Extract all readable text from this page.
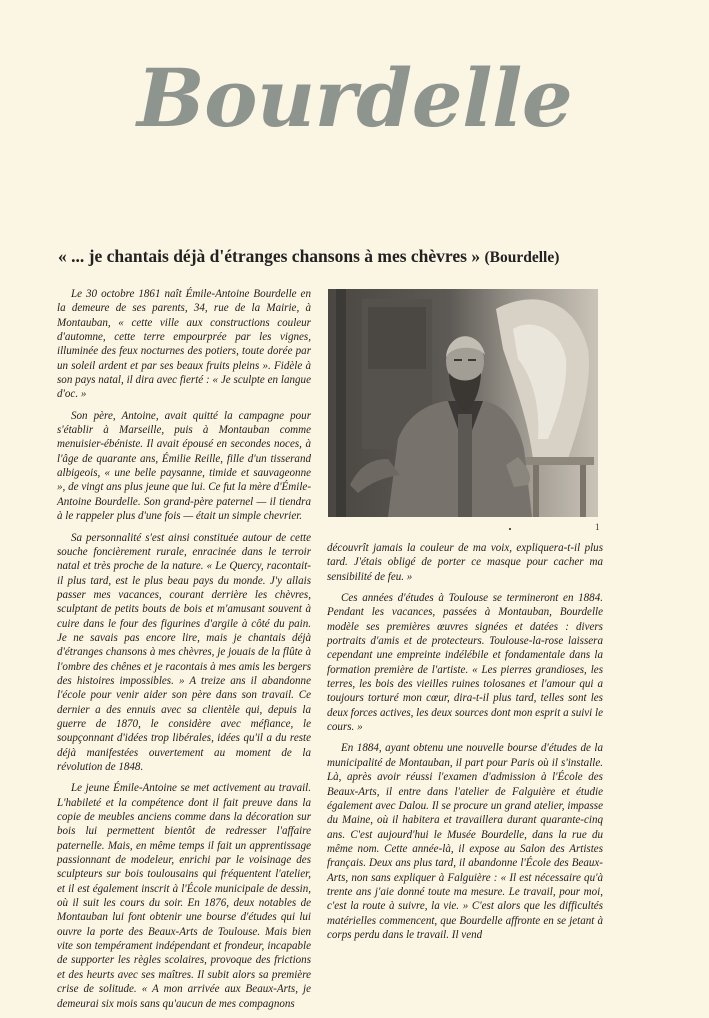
Bourdelle
« ... je chantais déjà d'étranges chansons à mes chèvres » (Bourdelle)

Le 30 octobre 1861 naît Émile-Antoine Bourdelle en la demeure de ses parents, 34, rue de la Mairie, à Montauban, « cette ville aux constructions couleur d'automne, cette terre empourprée par les vignes, illuminée des feux nocturnes des potiers, toute dorée par un soleil ardent et par ses beaux fruits pleins ». Fidèle à son pays natal, il dira avec fierté : « Je sculpte en langue d'oc. »

Son père, Antoine, avait quitté la campagne pour s'établir à Marseille, puis à Montauban comme menuisier-ébéniste. Il avait épousé en secondes noces, à l'âge de quarante ans, Émilie Reille, fille d'un tisserand albigeois, « une belle paysanne, timide et sauvageonne », de vingt ans plus jeune que lui. Ce fut la mère d'Émile-Antoine Bourdelle. Son grand-père paternel — il tiendra à le rappeler plus d'une fois — était un simple chevrier.

Sa personnalité s'est ainsi constituée autour de cette souche foncièrement rurale, enracinée dans le terroir natal et très proche de la nature. « Le Quercy, racontait-il plus tard, est le plus beau pays du monde. J'y allais passer mes vacances, courant derrière les chèvres, sculptant de petits bouts de bois et m'amusant souvent à cuire dans le four des figurines d'argile à côté du pain. Je ne savais pas encore lire, mais je chantais déjà d'étranges chansons à mes chèvres, je jouais de la flûte à l'ombre des chênes et je racontais à mes amis les bergers des histoires impossibles. » A treize ans il abandonne l'école pour venir aider son père dans son travail. Ce dernier a des ennuis avec sa clientèle qui, depuis la guerre de 1870, le considère avec méfiance, le soupçonnant d'idées trop libérales, idées qu'il a du reste déjà manifestées ouvertement au moment de la révolution de 1848.

Le jeune Émile-Antoine se met activement au travail. L'habileté et la compétence dont il fait preuve dans la copie de meubles anciens comme dans la décoration sur bois lui permettent bientôt de redresser l'affaire paternelle. Mais, en même temps il fait un apprentissage passionnant de modeleur, enrichi par le voisinage des sculpteurs sur bois toulousains qui fréquentent l'atelier, et il est également inscrit à l'École municipale de dessin, où il suit les cours du soir. En 1876, deux notables de Montauban lui font obtenir une bourse d'études qui lui ouvre la porte des Beaux-Arts de Toulouse. Mais bien vite son tempérament indépendant et frondeur, incapable de supporter les règles scolaires, provoque des frictions et des heurts avec ses maîtres. Il subit alors sa première crise de solitude. « A mon arrivée aux Beaux-Arts, je demeurai six mois sans qu'aucun de mes compagnons

1

découvrît jamais la couleur de ma voix, expliquera-t-il plus tard. J'étais obligé de porter ce masque pour cacher ma sensibilité de feu. »

Ces années d'études à Toulouse se termineront en 1884. Pendant les vacances, passées à Montauban, Bourdelle modèle ses premières œuvres signées et datées : divers portraits d'amis et de protecteurs. Toulouse-la-rose laissera cependant une empreinte indélébile et fondamentale dans la formation première de l'artiste. « Les pierres grandioses, les terres, les bois des vieilles ruines tolosanes et l'amour qui a toujours torturé mon cœur, dira-t-il plus tard, telles sont les deux forces actives, les deux sources dont mon esprit a suivi le cours. »

En 1884, ayant obtenu une nouvelle bourse d'études de la municipalité de Montauban, il part pour Paris où il s'installe. Là, après avoir réussi l'examen d'admission à l'École des Beaux-Arts, il entre dans l'atelier de Falguière et étudie également avec Dalou. Il se procure un grand atelier, impasse du Maine, où il habitera et travaillera durant quarante-cinq ans. C'est aujourd'hui le Musée Bourdelle, dans la rue du même nom. Cette année-là, il expose au Salon des Artistes français. Deux ans plus tard, il abandonne l'École des Beaux-Arts, non sans expliquer à Falguière : « Il est nécessaire qu'à trente ans j'aie donné toute ma mesure. Le travail, pour moi, c'est la route à suivre, la vie. » C'est alors que les difficultés matérielles commencent, que Bourdelle affronte en se jetant à corps perdu dans le travail. Il vend
